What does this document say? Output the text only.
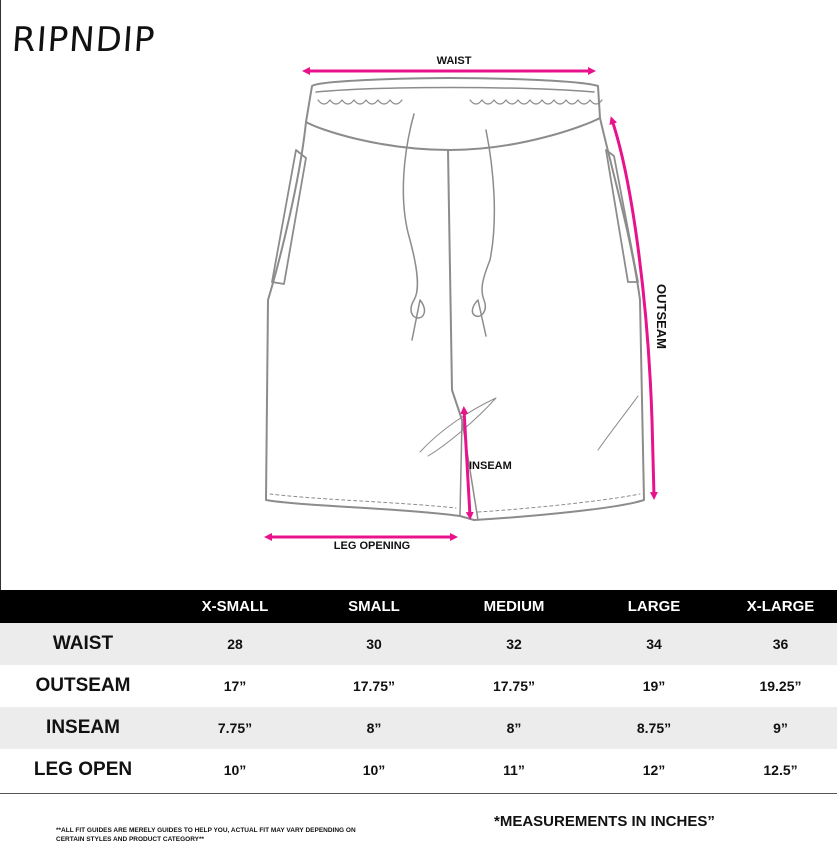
RIPNDIP
WAIST
OUTSEAM
INSEAM
LEG OPENING
	X-SMALL	SMALL	MEDIUM	LARGE	X-LARGE
WAIST	28	30	32	34	36
OUTSEAM	17”	17.75”	17.75”	19”	19.25”
INSEAM	7.75”	8”	8”	8.75”	9”
LEG OPEN	10”	10”	11”	12”	12.5”
**ALL FIT GUIDES ARE MERELY GUIDES TO HELP YOU, ACTUAL FIT MAY VARY DEPENDING ON CERTAIN STYLES AND PRODUCT CATEGORY**
*MEASUREMENTS IN INCHES”
